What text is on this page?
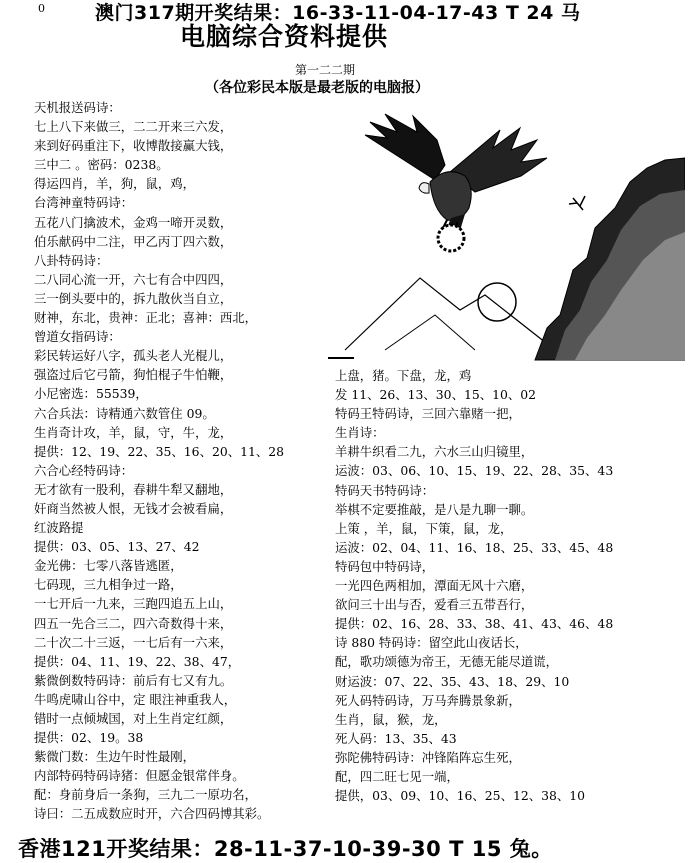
0	澳门317期开奖结果：16-33-11-04-17-43 T 24 马
电脑综合资料提供
第一二二期
（各位彩民本版是最老版的电脑报）
天机报送码诗：
七上八下来做三，二二开来三六发，
来到好码重注下，收博散接赢大钱，
三中二 。密码：0238。
得运四肖，羊，狗，鼠，鸡，
台湾神童特码诗：
五花八门擒波术，金鸡一啼开灵数，
伯乐献码中二注，甲乙丙丁四六数，
八卦特码诗：
二八同心流一开，六七有合中四四，
三一倒头要中的，拆九散伙当自立，
财神，东北，贵神：正北；喜神：西北，
曾道女指码诗：
彩民转运好八字，孤头老人光棍儿，
强盗过后它弓箭，狗怕棍子牛怕鞭，
小尼密选：55539，
六合兵法：诗精通六数管住 09。
生肖奇计攻，羊，鼠，守，牛，龙，
提供：12、19、22、35、16、20、11、28
六合心经特码诗：
无才欲有一股利，春耕牛犁又翻地，
奸商当然被人恨，无钱才会被看扁，
红波路提
提供：03、05、13、27、42
金光佛：七零八落皆逃匿，
七码现，三九相争过一路，
一七开后一九来，三跑四追五上山，
四五一先合三二，四六奇数得十来，
二十次二十三返，一七后有一六来，
提供：04、11、19、22、38、47，
紫微倒数特码诗：前后有七又有九。
牛鸣虎啸山谷中，定 眼注神重我人，
错时一点倾城国，对上生肖定红颜，
提供：02、19。38
紫微门数：生边午时性最刚，
内部特码特码诗猪：但愿金银常伴身。
配：身前身后一条狗，三九二一原功名，
诗曰：二五成数应时开，六合四码博其彩。
上盘，猪。下盘，龙，鸡
发 11、26、13、30、15、10、02
特码王特码诗，三回六靠赌一把，
生肖诗：
羊耕牛织看二九，六水三山归镜里，
运波：03、06、10、15、19、22、28、35、43
特码天书特码诗：
举棋不定要推敲，是八是九聊一聊。
上策 ，羊，鼠，下策，鼠，龙，
运波：02、04、11、16、18、25、33、45、48
特码包中特码诗，
一光四色两相加，潭面无风十六磨，
欲问三十出与否，爱看三五带吾行，
提供：02、16、28、33、38、41、43、46、48
诗 880 特码诗：留空此山夜话长，
配，歌功颂德为帝王，无德无能尽道谎，
财运波：07、22、35、43、18、29、10
死人码特码诗，万马奔腾景象新，
生肖，鼠，猴，龙，
死人码：13、35、43
弥陀佛特码诗：冲锋陷阵忘生死，
配，四二旺七见一端，
提供，03、09、10、16、25、12、38、10
香港121开奖结果：28-11-37-10-39-30 T 15 兔。
